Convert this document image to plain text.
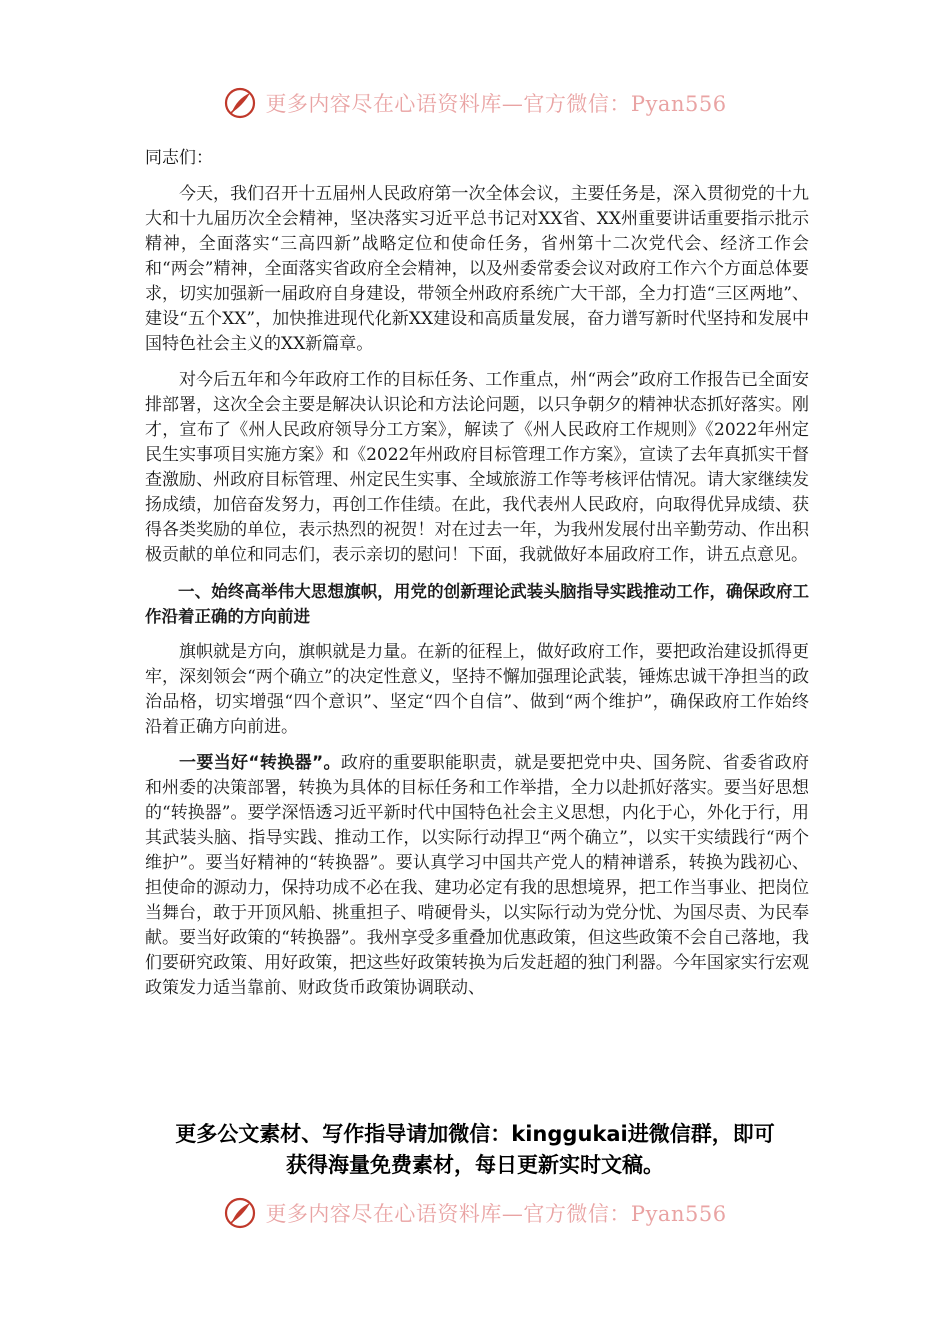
更多内容尽在心语资料库—官方微信：Pyan556

同志们：

今天，我们召开十五届州人民政府第一次全体会议，主要任务是，深入贯彻党的十九大和十九届历次全会精神，坚决落实习近平总书记对XX省、XX州重要讲话重要指示批示精神，全面落实“三高四新”战略定位和使命任务，省州第十二次党代会、经济工作会和“两会”精神，全面落实省政府全会精神，以及州委常委会议对政府工作六个方面总体要求，切实加强新一届政府自身建设，带领全州政府系统广大干部，全力打造“三区两地”、建设“五个XX”，加快推进现代化新XX建设和高质量发展，奋力谱写新时代坚持和发展中国特色社会主义的XX新篇章。

对今后五年和今年政府工作的目标任务、工作重点，州“两会”政府工作报告已全面安排部署，这次全会主要是解决认识论和方法论问题，以只争朝夕的精神状态抓好落实。刚才，宣布了《州人民政府领导分工方案》，解读了《州人民政府工作规则》《2022年州定民生实事项目实施方案》和《2022年州政府目标管理工作方案》，宣读了去年真抓实干督查激励、州政府目标管理、州定民生实事、全域旅游工作等考核评估情况。请大家继续发扬成绩，加倍奋发努力，再创工作佳绩。在此，我代表州人民政府，向取得优异成绩、获得各类奖励的单位，表示热烈的祝贺！对在过去一年，为我州发展付出辛勤劳动、作出积极贡献的单位和同志们，表示亲切的慰问！下面，我就做好本届政府工作，讲五点意见。

一、始终高举伟大思想旗帜，用党的创新理论武装头脑指导实践推动工作，确保政府工作沿着正确的方向前进

旗帜就是方向，旗帜就是力量。在新的征程上，做好政府工作，要把政治建设抓得更牢，深刻领会“两个确立”的决定性意义，坚持不懈加强理论武装，锤炼忠诚干净担当的政治品格，切实增强“四个意识”、坚定“四个自信”、做到“两个维护”，确保政府工作始终沿着正确方向前进。

一要当好“转换器”。政府的重要职能职责，就是要把党中央、国务院、省委省政府和州委的决策部署，转换为具体的目标任务和工作举措，全力以赴抓好落实。要当好思想的“转换器”。要学深悟透习近平新时代中国特色社会主义思想，内化于心，外化于行，用其武装头脑、指导实践、推动工作，以实际行动捍卫“两个确立”，以实干实绩践行“两个维护”。要当好精神的“转换器”。要认真学习中国共产党人的精神谱系，转换为践初心、担使命的源动力，保持功成不必在我、建功必定有我的思想境界，把工作当事业、把岗位当舞台，敢于开顶风船、挑重担子、啃硬骨头，以实际行动为党分忧、为国尽责、为民奉献。要当好政策的“转换器”。我州享受多重叠加优惠政策，但这些政策不会自己落地，我们要研究政策、用好政策，把这些好政策转换为后发赶超的独门利器。今年国家实行宏观政策发力适当靠前、财政货币政策协调联动、

更多公文素材、写作指导请加微信：kinggukai进微信群，即可
获得海量免费素材，每日更新实时文稿。
更多内容尽在心语资料库—官方微信：Pyan556
